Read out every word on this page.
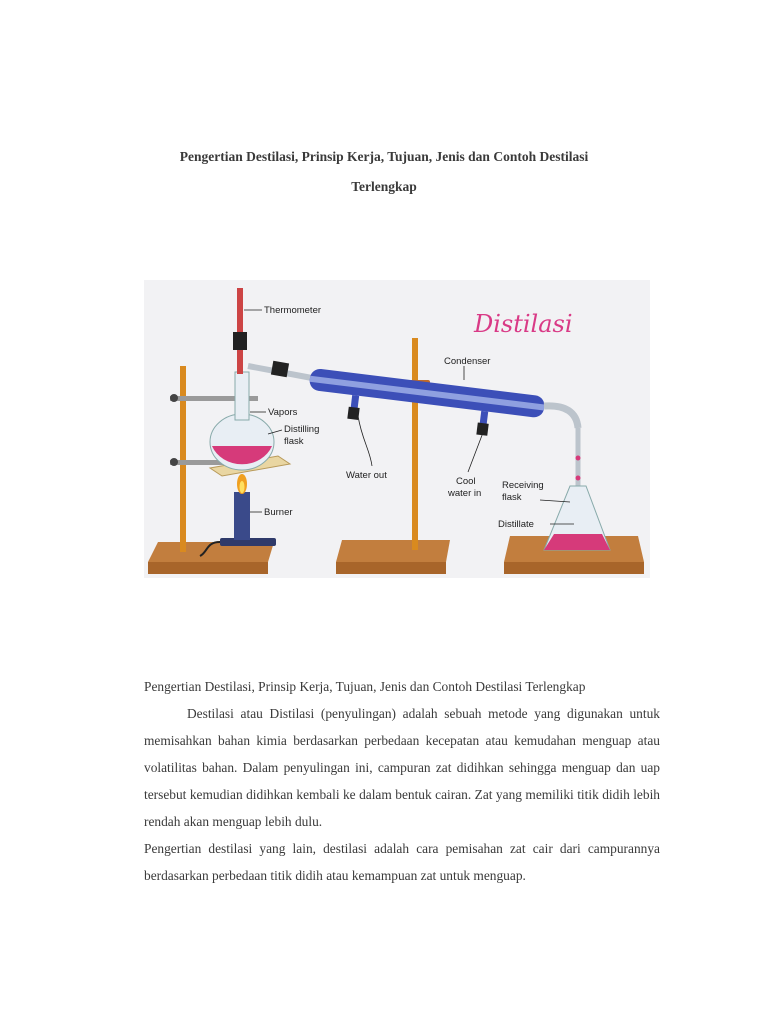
Pengertian Destilasi, Prinsip Kerja, Tujuan, Jenis dan Contoh Destilasi
Terlengkap
Distilasi
Thermometer
Condenser
Vapors
Distilling
flask
Water out
Cool
water in
Receiving
flask
Distillate
Burner

Pengertian Destilasi, Prinsip Kerja, Tujuan, Jenis dan Contoh Destilasi Terlengkap

Destilasi atau Distilasi (penyulingan) adalah sebuah metode yang digunakan untuk memisahkan bahan kimia berdasarkan perbedaan kecepatan atau kemudahan menguap atau volatilitas bahan. Dalam penyulingan ini, campuran zat didihkan sehingga menguap dan uap tersebut kemudian didihkan kembali ke dalam bentuk cairan. Zat yang memiliki titik didih lebih rendah akan menguap lebih dulu.

Pengertian destilasi yang lain, destilasi adalah cara pemisahan zat cair dari campurannya berdasarkan perbedaan titik didih atau kemampuan zat untuk menguap.
